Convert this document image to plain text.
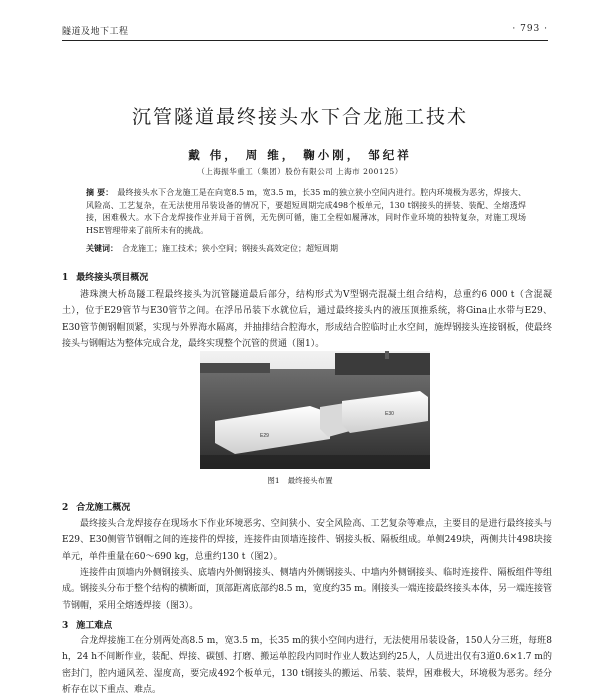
隧道及地下工程	· 793 ·
沉管隧道最终接头水下合龙施工技术
戴 伟， 周 维， 鞠小刚， 邹纪祥
（上海振华重工（集团）股份有限公司 上海市 200125）
摘 要： 最终接头水下合龙施工是在向宽8.5 m，宽3.5 m，长35 m的独立狭小空间内进行。腔内环境极为恶劣，焊接大、风险高、工艺复杂，在无法使用吊装设备的情况下，要超短周期完成498个板单元，130 t钢接头的拼装、装配、全熔透焊接，困难极大。水下合龙焊接作业并局于首例，无先例可循，施工全程如履薄冰，同时作业环境的独特复杂，对施工现场HSE管理带来了前所未有的挑战。
关键词： 合龙施工；施工技术；狭小空间；钢接头高效定位；超短周期
1 最终接头项目概况
港珠澳大桥岛隧工程最终接头为沉管隧道最后部分，结构形式为V型钢壳混凝土组合结构，总重约6 000 t（含混凝土），位于E29管节与E30管节之间。在浮吊吊装下水就位后，通过最终接头内的液压顶推系统，将Gina止水带与E29、E30管节侧钢帽顶紧，实现与外界海水隔离，并抽排结合腔海水，形成结合腔临时止水空间，施焊钢接头连接钢板，使最终接头与钢帽达为整体完成合龙，最终实现整个沉管的贯通（图1）。
E29
E30
图1 最终接头布置
2 合龙施工概况
最终接头合龙焊接存在现场水下作业环境恶劣、空间狭小、安全风险高、工艺复杂等难点，主要目的是进行最终接头与E29、E30侧管节钢帽之间的连接件的焊接，连接件由顶墙连接件、钢接头板、隔板组成。单侧249块，两侧共计498块接单元，单件重量在60～690 kg，总重约130 t（图2）。
连接件由顶墙内外侧钢接头、底墙内外侧钢接头、侧墙内外侧钢接头、中墙内外侧钢接头、临时连接件、隔板组件等组成。钢接头分布于整个结构的横断面，顶部距离底部约8.5 m，宽度约35 m。刚接头一端连接最终接头本体，另一端连接管节钢帽，采用全熔透焊接（图3）。
3 施工难点
合龙焊接施工在分别两处高8.5 m，宽3.5 m，长35 m的狭小空间内进行，无法使用吊装设备，150人分三班，每班8 h，24 h不间断作业，装配、焊接、碳刨、打磨、搬运单腔段内同时作业人数达到约25人，人员进出仅有3道0.6×1.7 m的密封门，腔内通风差、湿度高，要完成492个板单元，130 t钢接头的搬运、吊装、装焊，困难极大，环境极为恶劣。经分析存在以下重点、难点。
